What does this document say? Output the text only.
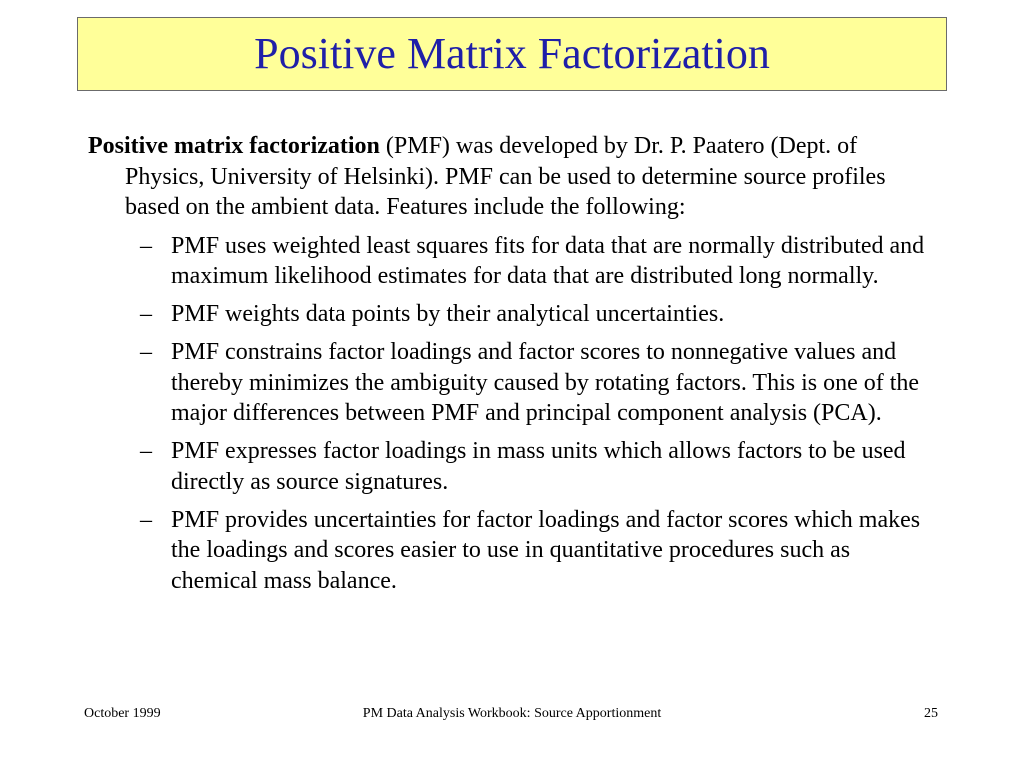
Positive Matrix Factorization

Positive matrix factorization (PMF) was developed by Dr. P. Paatero (Dept. of Physics, University of Helsinki). PMF can be used to determine source profiles based on the ambient data. Features include the following:

– PMF uses weighted least squares fits for data that are normally distributed and maximum likelihood estimates for data that are distributed long normally.
– PMF weights data points by their analytical uncertainties.
– PMF constrains factor loadings and factor scores to nonnegative values and thereby minimizes the ambiguity caused by rotating factors. This is one of the major differences between PMF and principal component analysis (PCA).
– PMF expresses factor loadings in mass units which allows factors to be used directly as source signatures.
– PMF provides uncertainties for factor loadings and factor scores which makes the loadings and scores easier to use in quantitative procedures such as chemical mass balance.
October 1999	PM Data Analysis Workbook: Source Apportionment	25
